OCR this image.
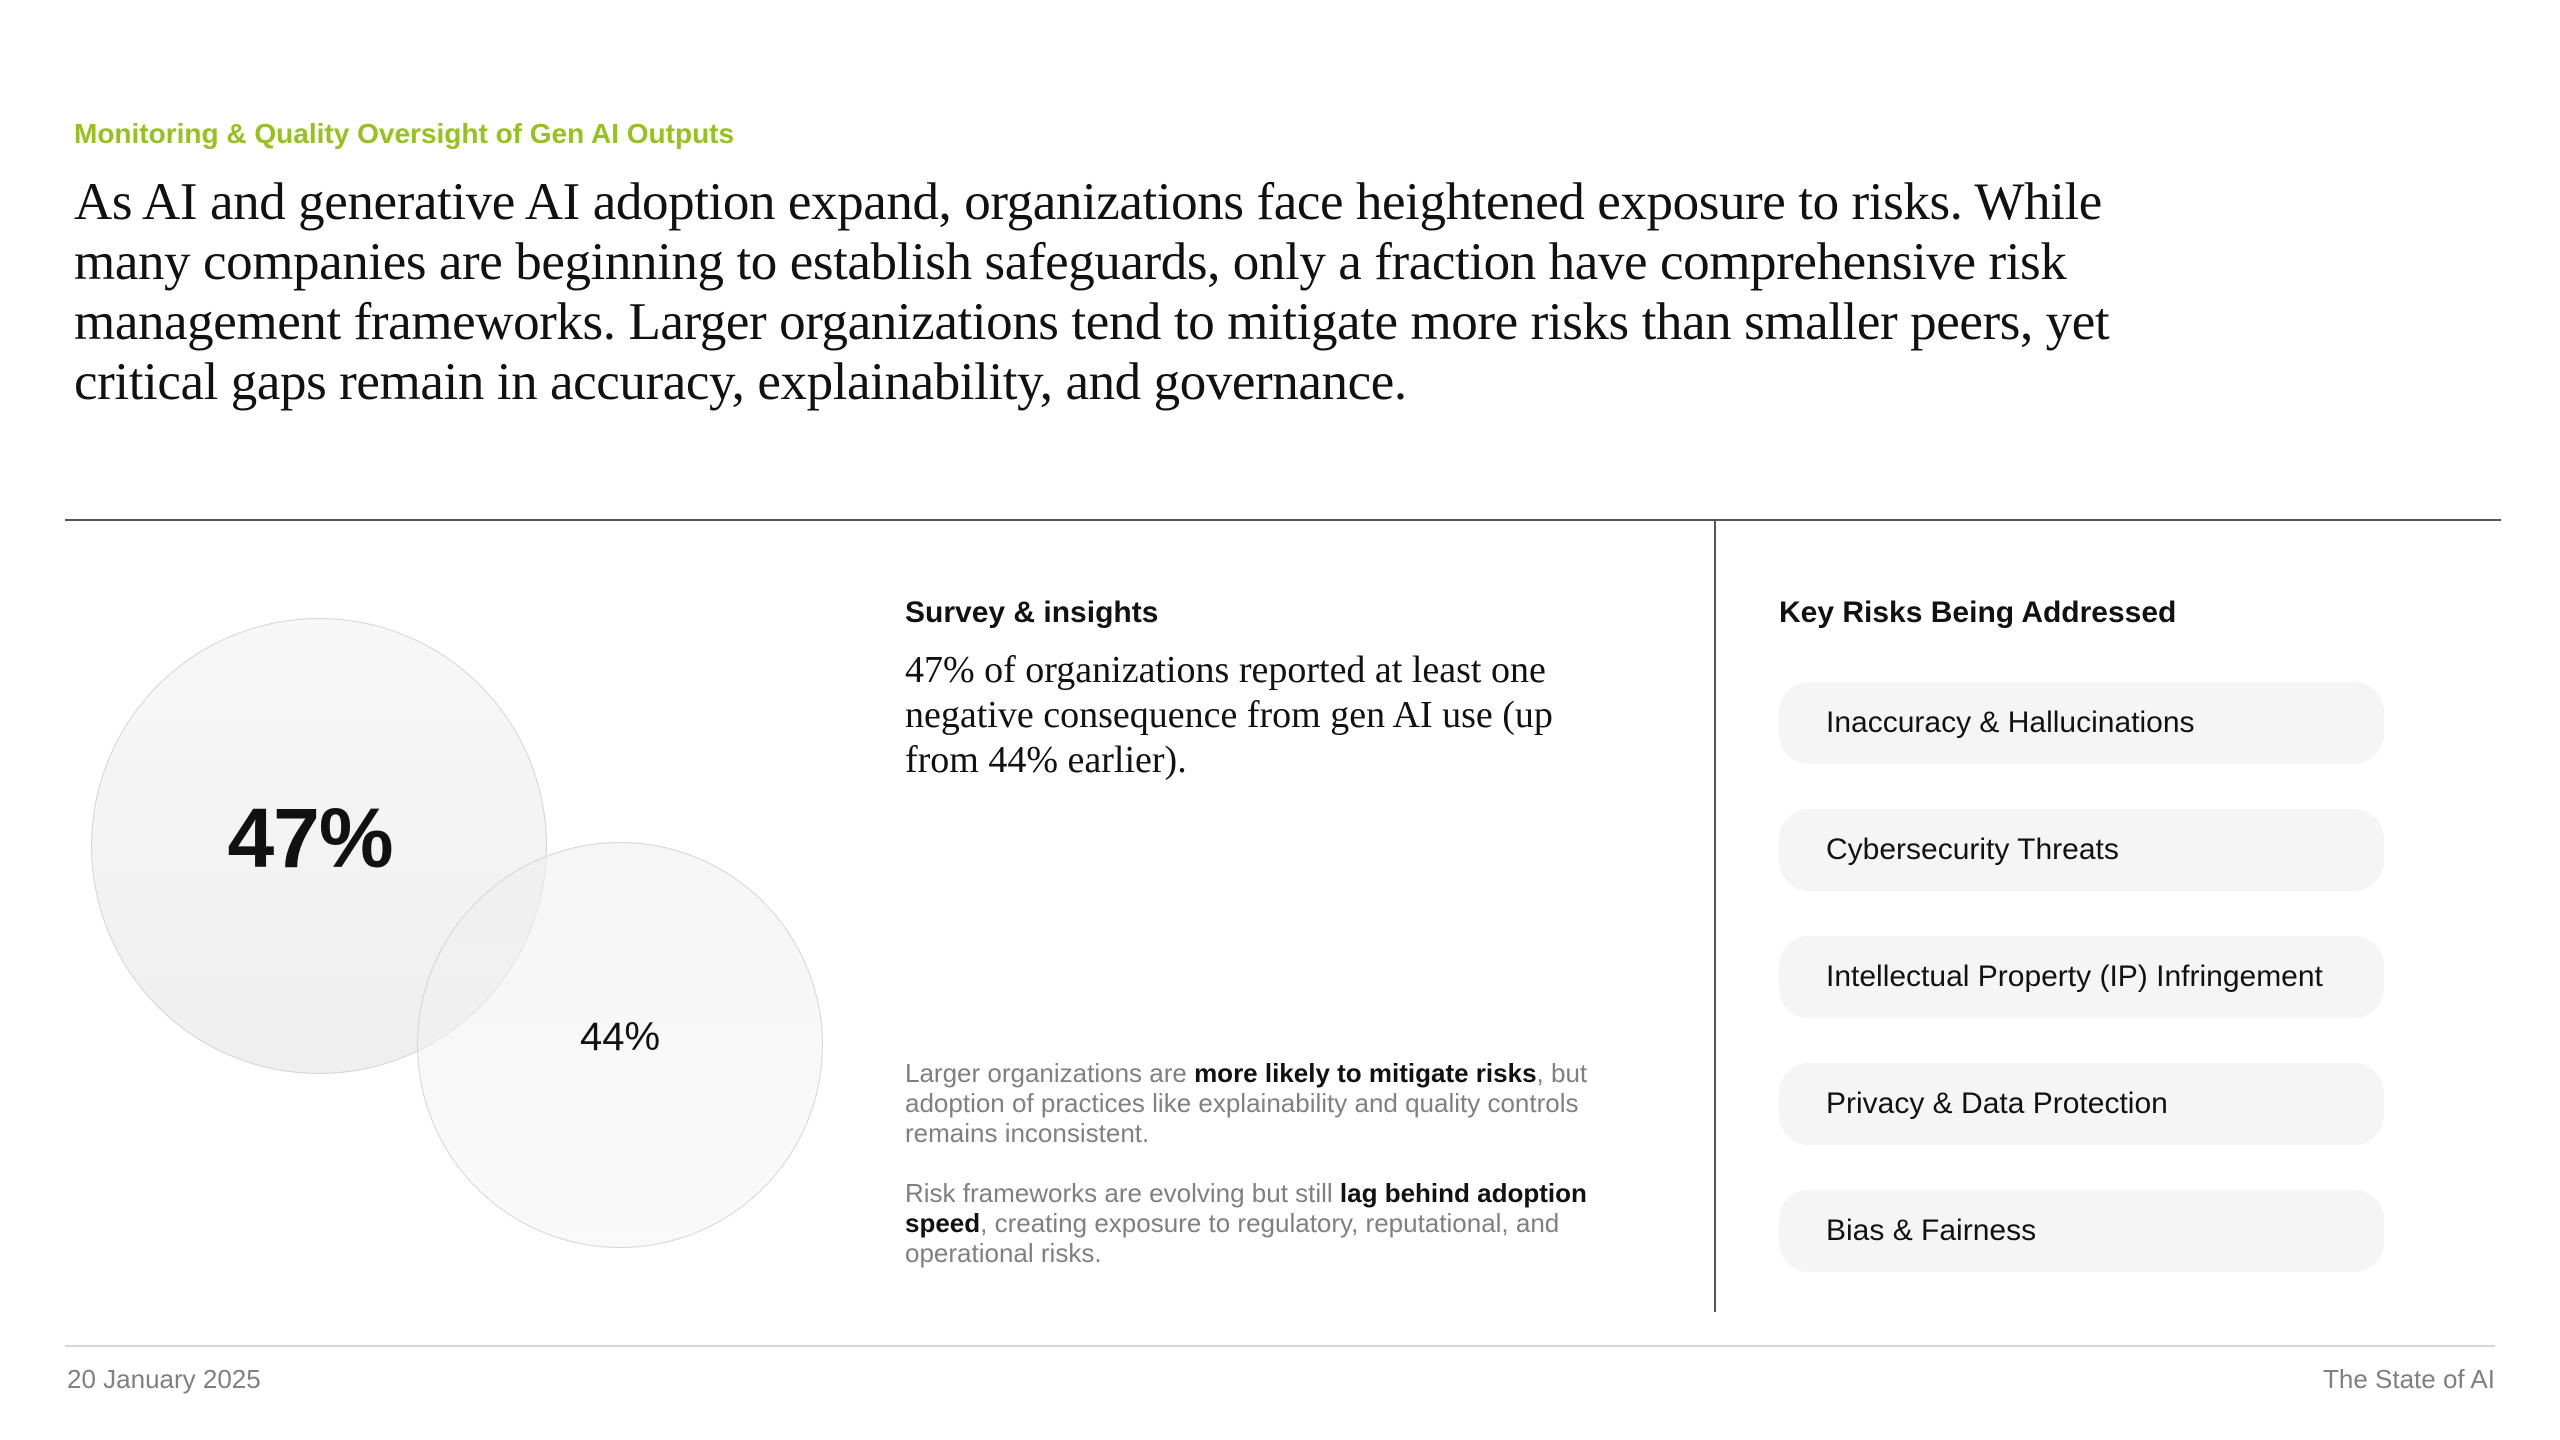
Monitoring & Quality Oversight of Gen AI Outputs

As AI and generative AI adoption expand, organizations face heightened exposure to risks. While many companies are beginning to establish safeguards, only a fraction have comprehensive risk management frameworks. Larger organizations tend to mitigate more risks than smaller peers, yet critical gaps remain in accuracy, explainability, and governance.

47%
44%
Survey & insights

47% of organizations reported at least one negative consequence from gen AI use (up from 44% earlier).

Larger organizations are more likely to mitigate risks, but adoption of practices like explainability and quality controls remains inconsistent.

Risk frameworks are evolving but still lag behind adoption speed, creating exposure to regulatory, reputational, and operational risks.

Key Risks Being Addressed
Inaccuracy & Hallucinations
Cybersecurity Threats
Intellectual Property (IP) Infringement
Privacy & Data Protection
Bias & Fairness
20 January 2025	The State of AI
